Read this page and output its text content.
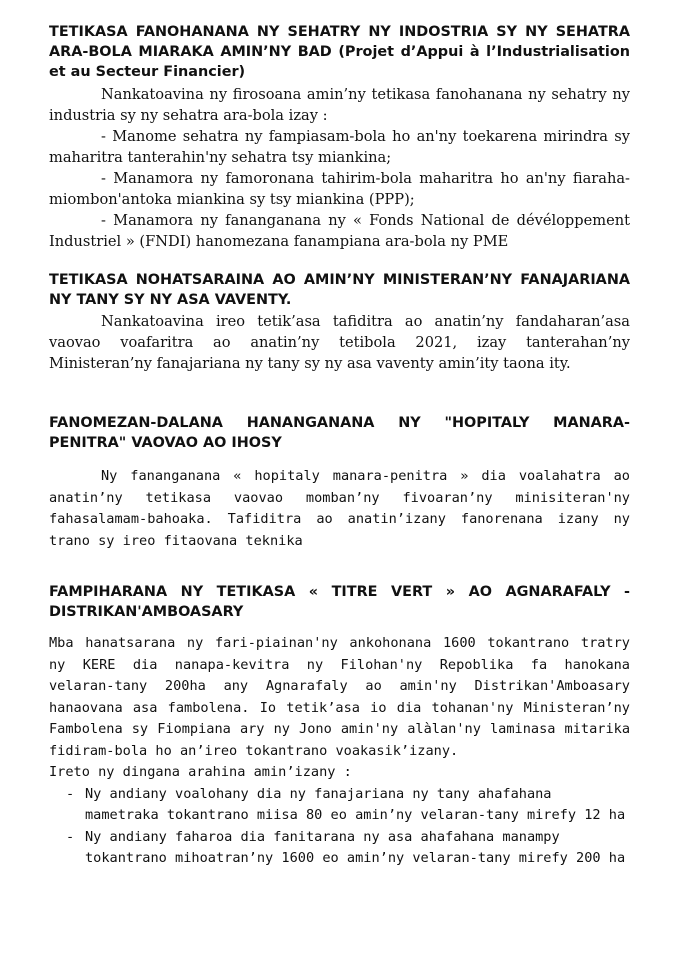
TETIKASA FANOHANANA NY SEHATRY NY INDOSTRIA SY NY SEHATRA ARA-BOLA MIARAKA AMIN’NY BAD (Projet d’Appui à l’Industrialisation et au Secteur Financier)

Nankatoavina ny firosoana amin’ny tetikasa fanohanana ny sehatry ny industria sy ny sehatra ara-bola izay :

- Manome sehatra ny fampiasam-bola ho an'ny toekarena mirindra sy maharitra tanterahin'ny sehatra tsy miankina;

- Manamora ny famoronana tahirim-bola maharitra ho an'ny fiaraha-miombon'antoka miankina sy tsy miankina (PPP);

- Manamora ny fananganana ny « Fonds National de dévéloppement Industriel » (FNDI) hanomezana fanampiana ara-bola ny PME

TETIKASA NOHATSARAINA AO AMIN’NY MINISTERAN’NY FANAJARIANA NY TANY SY NY ASA VAVENTY.

Nankatoavina ireo tetik’asa tafiditra ao anatin’ny fandaharan’asa vaovao voafaritra ao anatin’ny tetibola 2021, izay tanterahan’ny Ministeran’ny fanajariana ny tany sy ny asa vaventy amin’ity taona ity.

FANOMEZAN-DALANA HANANGANANA NY "HOPITALY MANARA-PENITRA" VAOVAO AO IHOSY

Ny fananganana « hopitaly manara-penitra » dia voalahatra ao anatin’ny tetikasa vaovao momban’ny fivoaran’ny minisiteran'ny fahasalamam-bahoaka. Tafiditra ao anatin’izany fanorenana izany ny trano sy ireo fitaovana teknika

FAMPIHARANA NY TETIKASA « TITRE VERT » AO AGNARAFALY - DISTRIKAN'AMBOASARY

Mba hanatsarana ny fari-piainan'ny ankohonana 1600 tokantrano tratry ny KERE dia nanapa-kevitra ny Filohan'ny Repoblika fa hanokana velaran-tany 200ha any Agnarafaly ao amin'ny Distrikan'Amboasary hanaovana asa fambolena. Io tetik’asa io dia tohanan'ny Ministeran’ny Fambolena sy Fiompiana ary ny Jono amin'ny alàlan'ny laminasa mitarika fidiram-bola ho an’ireo tokantrano voakasik’izany.

Ireto ny dingana arahina amin’izany :

- Ny andiany voalohany dia ny fanajariana ny tany ahafahana mametraka tokantrano miisa 80 eo amin’ny velaran-tany mirefy 12 ha
- Ny andiany faharoa dia fanitarana ny asa ahafahana manampy tokantrano mihoatran’ny 1600 eo amin’ny velaran-tany mirefy 200 ha
